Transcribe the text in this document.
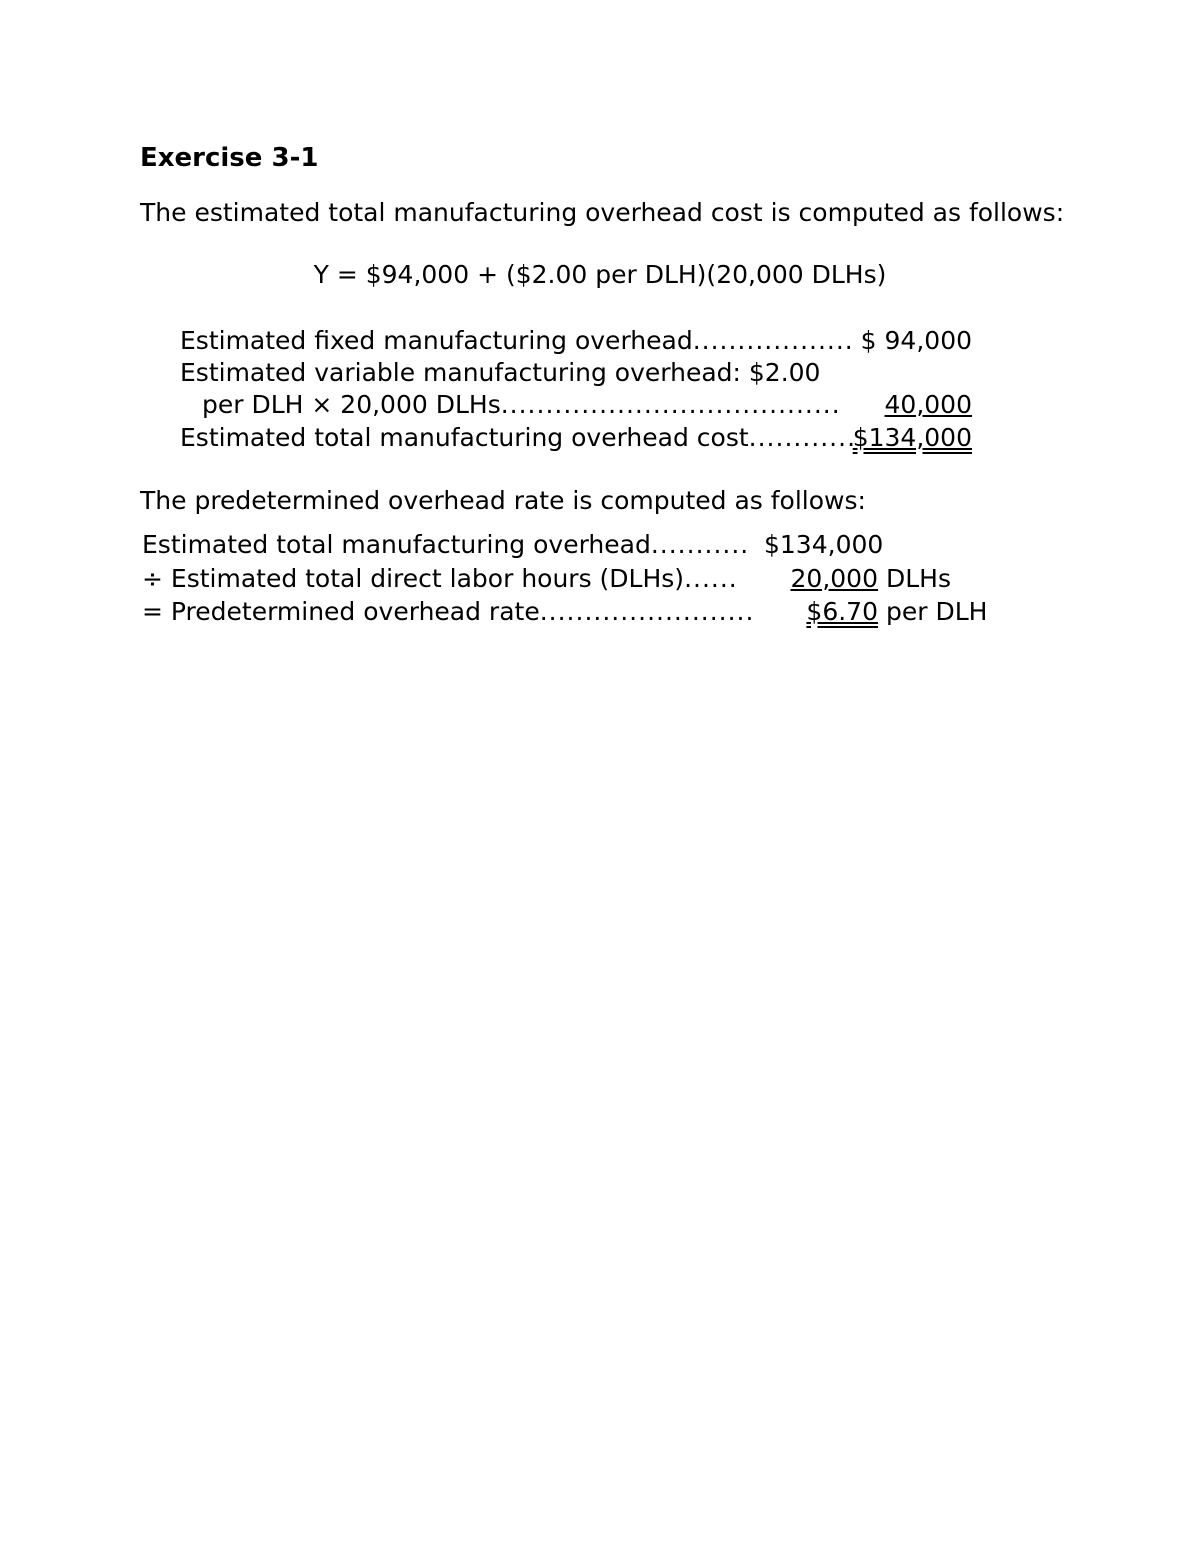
Exercise 3-1
The estimated total manufacturing overhead cost is computed as follows:
Y = $94,000 + ($2.00 per DLH)(20,000 DLHs)
Estimated fixed manufacturing overhead.................. $ 94,000
Estimated variable manufacturing overhead: $2.00
per DLH × 20,000 DLHs...................................... 40,000
Estimated total manufacturing overhead cost............
$134,000
The predetermined overhead rate is computed as follows:
Estimated total manufacturing overhead........... $134,000
÷ Estimated total direct labor hours (DLHs)......	20,000 DLHs
= Predetermined overhead rate........................	$6.70 per DLH
